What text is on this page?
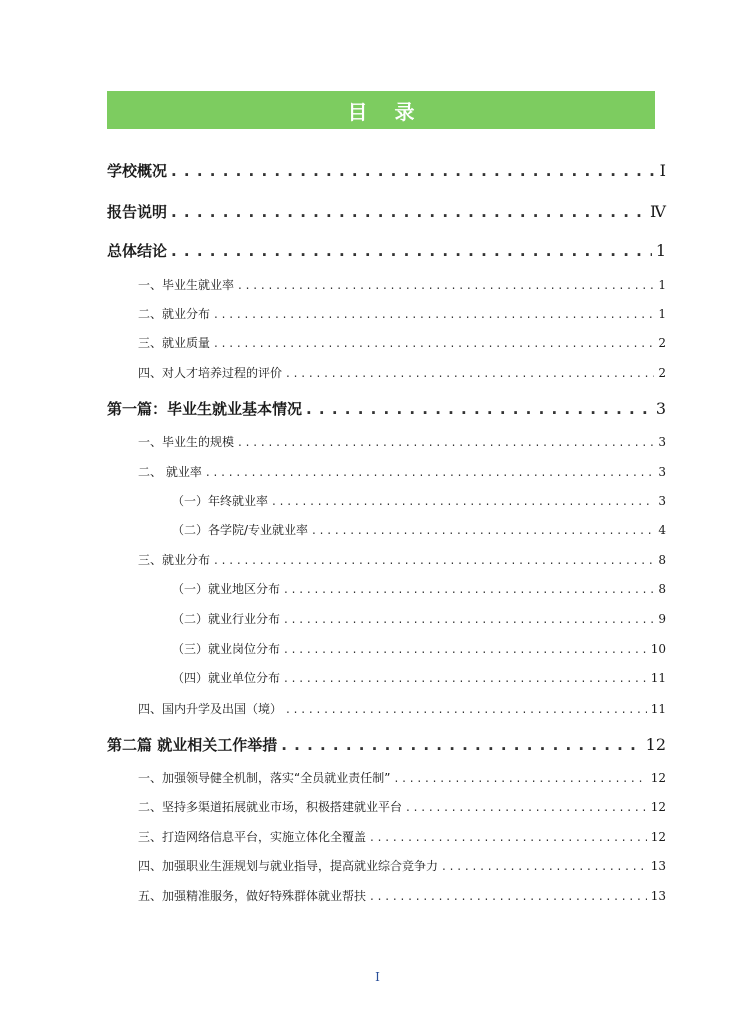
目 录
学校概况 . . .	Ⅰ
报告说明 . . .	Ⅳ
总体结论 . . .	1
一、毕业生就业率 . . .	1
二、就业分布 . . .	1
三、就业质量 . . .	2
四、对人才培养过程的评价 . . .	2
第一篇：毕业生就业基本情况 . . .	3
一、毕业生的规模 . . .	3
二、 就业率 . . .	3
（一）年终就业率 . . .	3
（二）各学院/专业就业率 . . .	4
三、就业分布 . . .	8
（一）就业地区分布 . . .	8
（二）就业行业分布 . . .	9
（三）就业岗位分布 . . .	10
（四）就业单位分布 . . .	11
四、国内升学及出国（境） . . .	11
第二篇 就业相关工作举措 . . .	12
一、加强领导健全机制，落实“全员就业责任制” . . .	12
二、坚持多渠道拓展就业市场，积极搭建就业平台 . . .	12
三、打造网络信息平台，实施立体化全覆盖 . . .	12
四、加强职业生涯规划与就业指导，提高就业综合竞争力 . . .	13
五、加强精准服务，做好特殊群体就业帮扶 . . .	13
I
